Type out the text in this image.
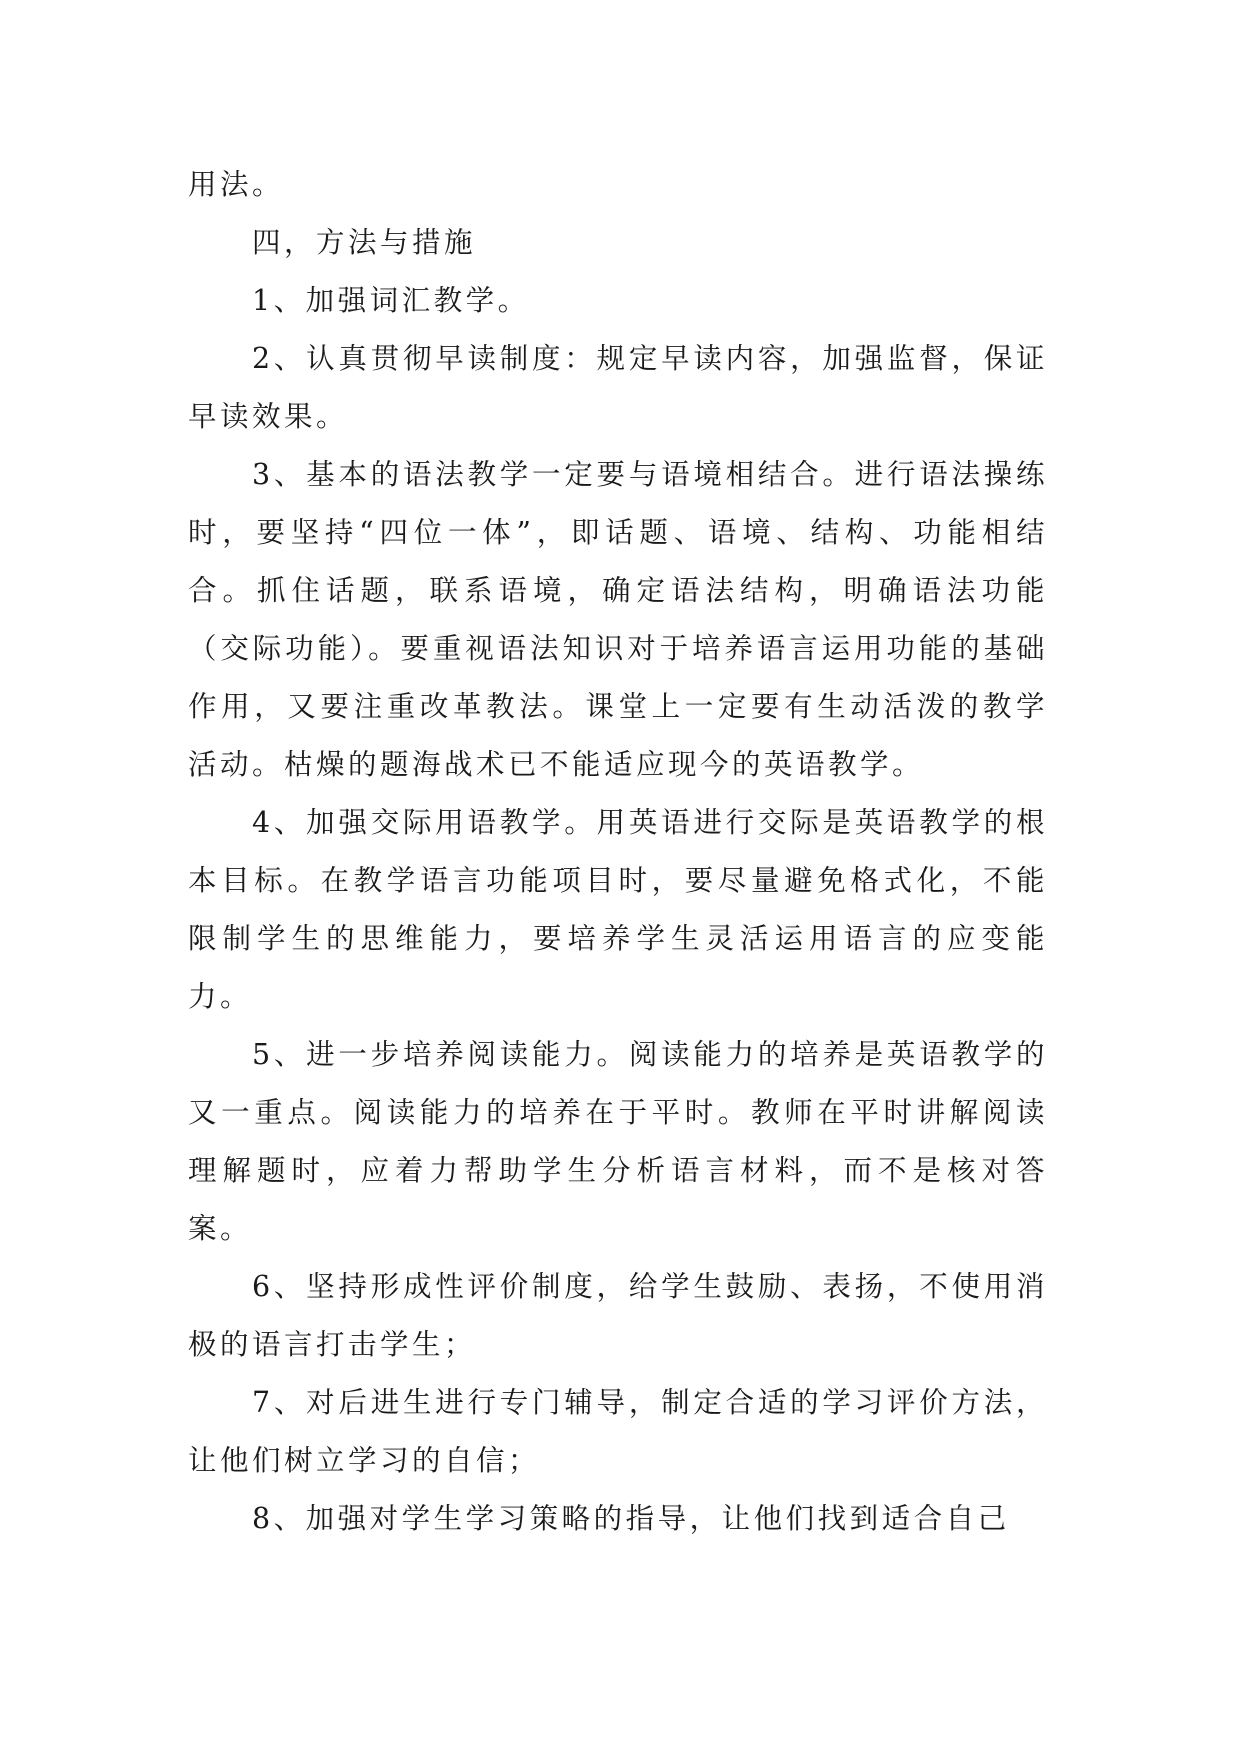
用法。

四，方法与措施

1、加强词汇教学。

2、认真贯彻早读制度：规定早读内容，加强监督，保证早读效果。

3、基本的语法教学一定要与语境相结合。进行语法操练时，要坚持“四位一体”，即话题、语境、结构、功能相结合。抓住话题，联系语境，确定语法结构，明确语法功能（交际功能）。要重视语法知识对于培养语言运用功能的基础作用，又要注重改革教法。课堂上一定要有生动活泼的教学活动。枯燥的题海战术已不能适应现今的英语教学。

4、加强交际用语教学。用英语进行交际是英语教学的根本目标。在教学语言功能项目时，要尽量避免格式化，不能限制学生的思维能力，要培养学生灵活运用语言的应变能力。

5、进一步培养阅读能力。阅读能力的培养是英语教学的又一重点。阅读能力的培养在于平时。教师在平时讲解阅读理解题时，应着力帮助学生分析语言材料，而不是核对答案。

6、坚持形成性评价制度，给学生鼓励、表扬，不使用消极的语言打击学生；

7、对后进生进行专门辅导，制定合适的学习评价方法，让他们树立学习的自信；

8、加强对学生学习策略的指导，让他们找到适合自己
